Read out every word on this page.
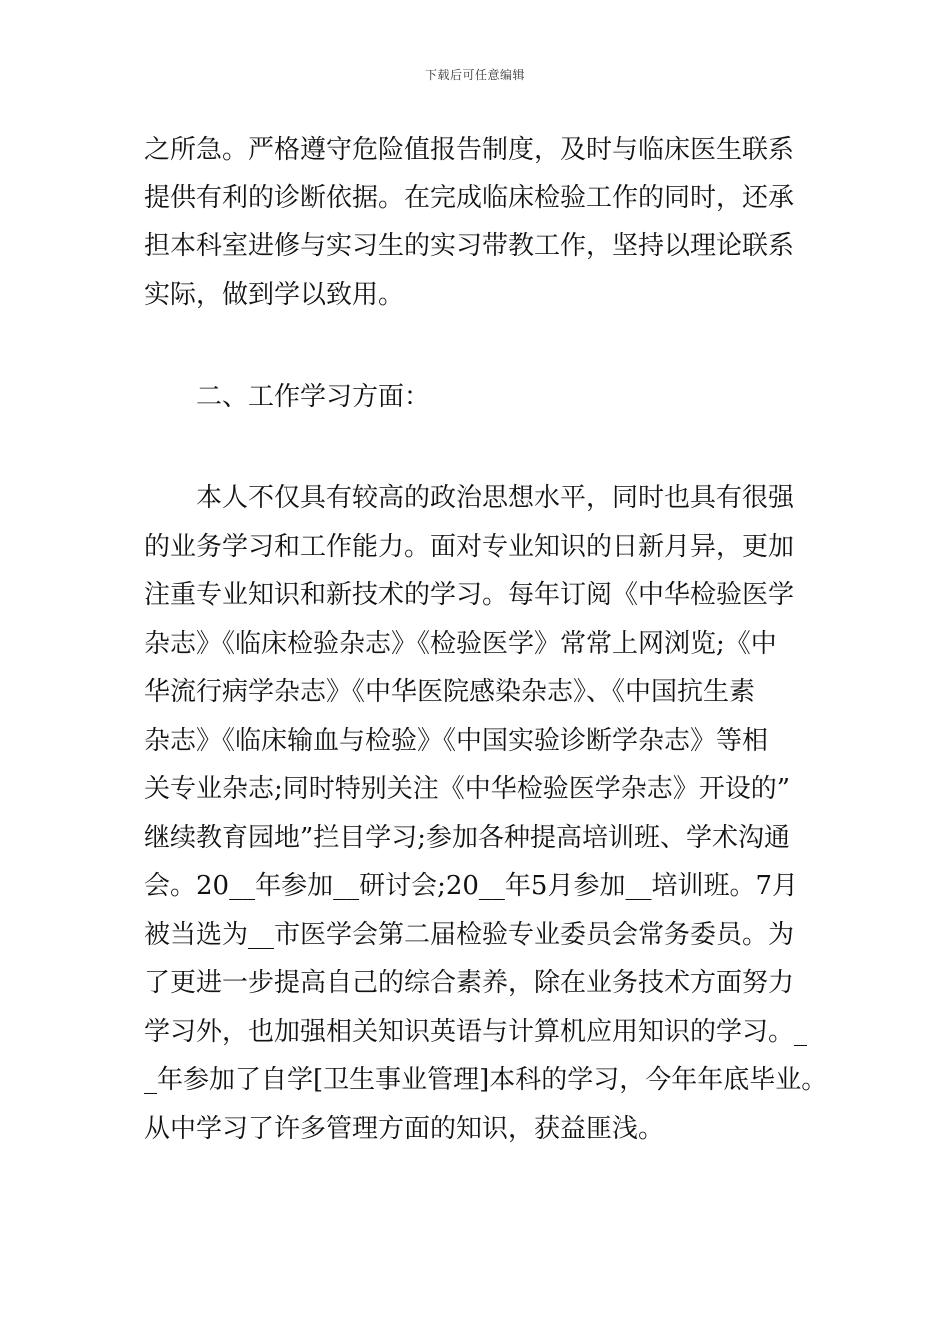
下载后可任意编辑
之所急。严格遵守危险值报告制度，及时与临床医生联系
提供有利的诊断依据。在完成临床检验工作的同时，还承
担本科室进修与实习生的实习带教工作，坚持以理论联系
实际，做到学以致用。
二、工作学习方面：
本人不仅具有较高的政治思想水平，同时也具有很强
的业务学习和工作能力。面对专业知识的日新月异，更加
注重专业知识和新技术的学习。每年订阅《中华检验医学
杂志》《临床检验杂志》《检验医学》常常上网浏览;《中
华流行病学杂志》《中华医院感染杂志》、《中国抗生素
杂志》《临床输血与检验》《中国实验诊断学杂志》等相
关专业杂志;同时特别关注《中华检验医学杂志》开设的”
继续教育园地”拦目学习;参加各种提高培训班、学术沟通
会。20__年参加__研讨会;20__年5月参加__培训班。7月
被当选为__市医学会第二届检验专业委员会常务委员。为
了更进一步提高自己的综合素养，除在业务技术方面努力
学习外，也加强相关知识英语与计算机应用知识的学习。_
_年参加了自学[卫生事业管理]本科的学习，今年年底毕业。
从中学习了许多管理方面的知识，获益匪浅。
